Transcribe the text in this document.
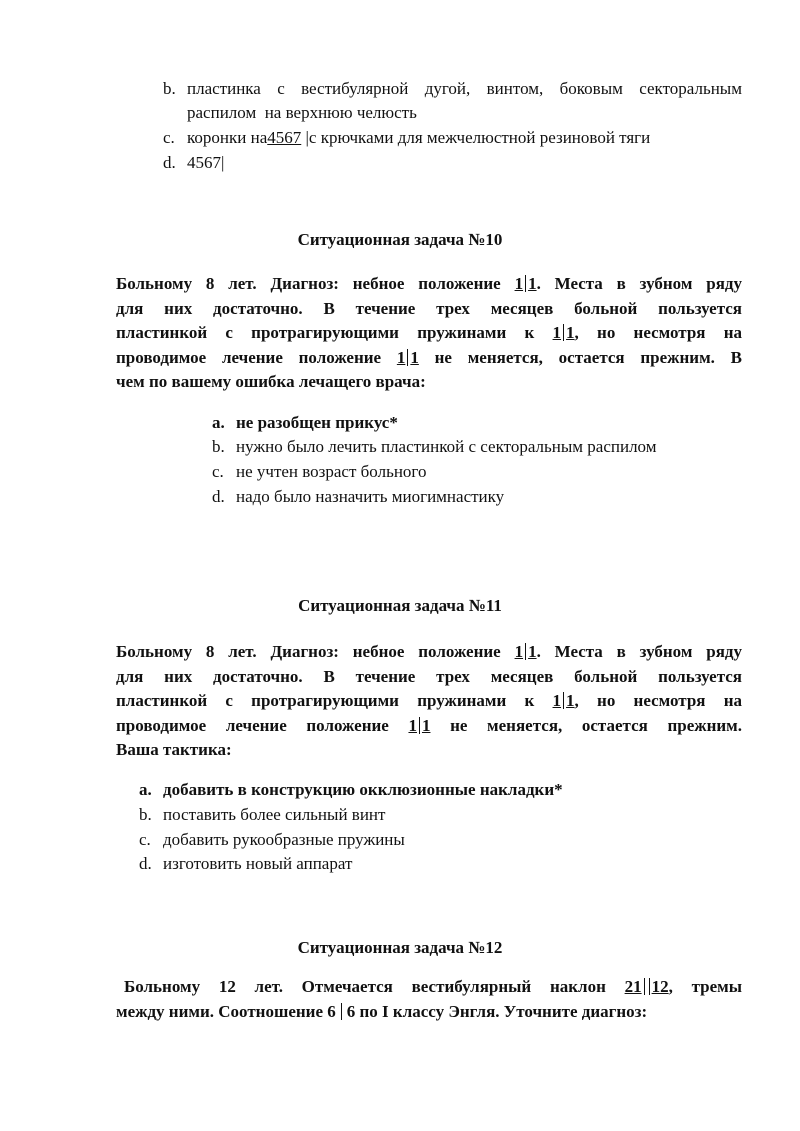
b. пластинка с вестибулярной дугой, винтом, боковым секторальным
распилом  на верхнюю челюсть
c. коронки на4567 |с крючками для межчелюстной резиновой тяги
d. 4567|
Ситуационная задача №10
Больному 8 лет. Диагноз: небное положение 1 1. Места в зубном ряду
для них достаточно. В течение трех месяцев больной пользуется
пластинкой с протрагирующими пружинами к 1 1, но несмотря на
проводимое лечение положение 1 1 не меняется, остается прежним. В
чем по вашему ошибка лечащего врача:
a. не разобщен прикус*
b. нужно было лечить пластинкой с секторальным распилом
c. не учтен возраст больного
d. надо было назначить миогимнастику
Ситуационная задача №11
Больному 8 лет. Диагноз: небное положение 1 1. Места в зубном ряду
для них достаточно. В течение трех месяцев больной пользуется
пластинкой с протрагирующими пружинами к 1 1, но несмотря на
проводимое лечение положение 1 1 не меняется, остается прежним.
Ваша тактика:
a. добавить в конструкцию окклюзионные накладки*
b. поставить более сильный винт
c. добавить рукообразные пружины
d. изготовить новый аппарат
Ситуационная задача №12
Больному 12 лет. Отмечается вестибулярный наклон 21 12, тремы
между ними. Соотношение 6 6 по I классу Энгля. Уточните диагноз:
